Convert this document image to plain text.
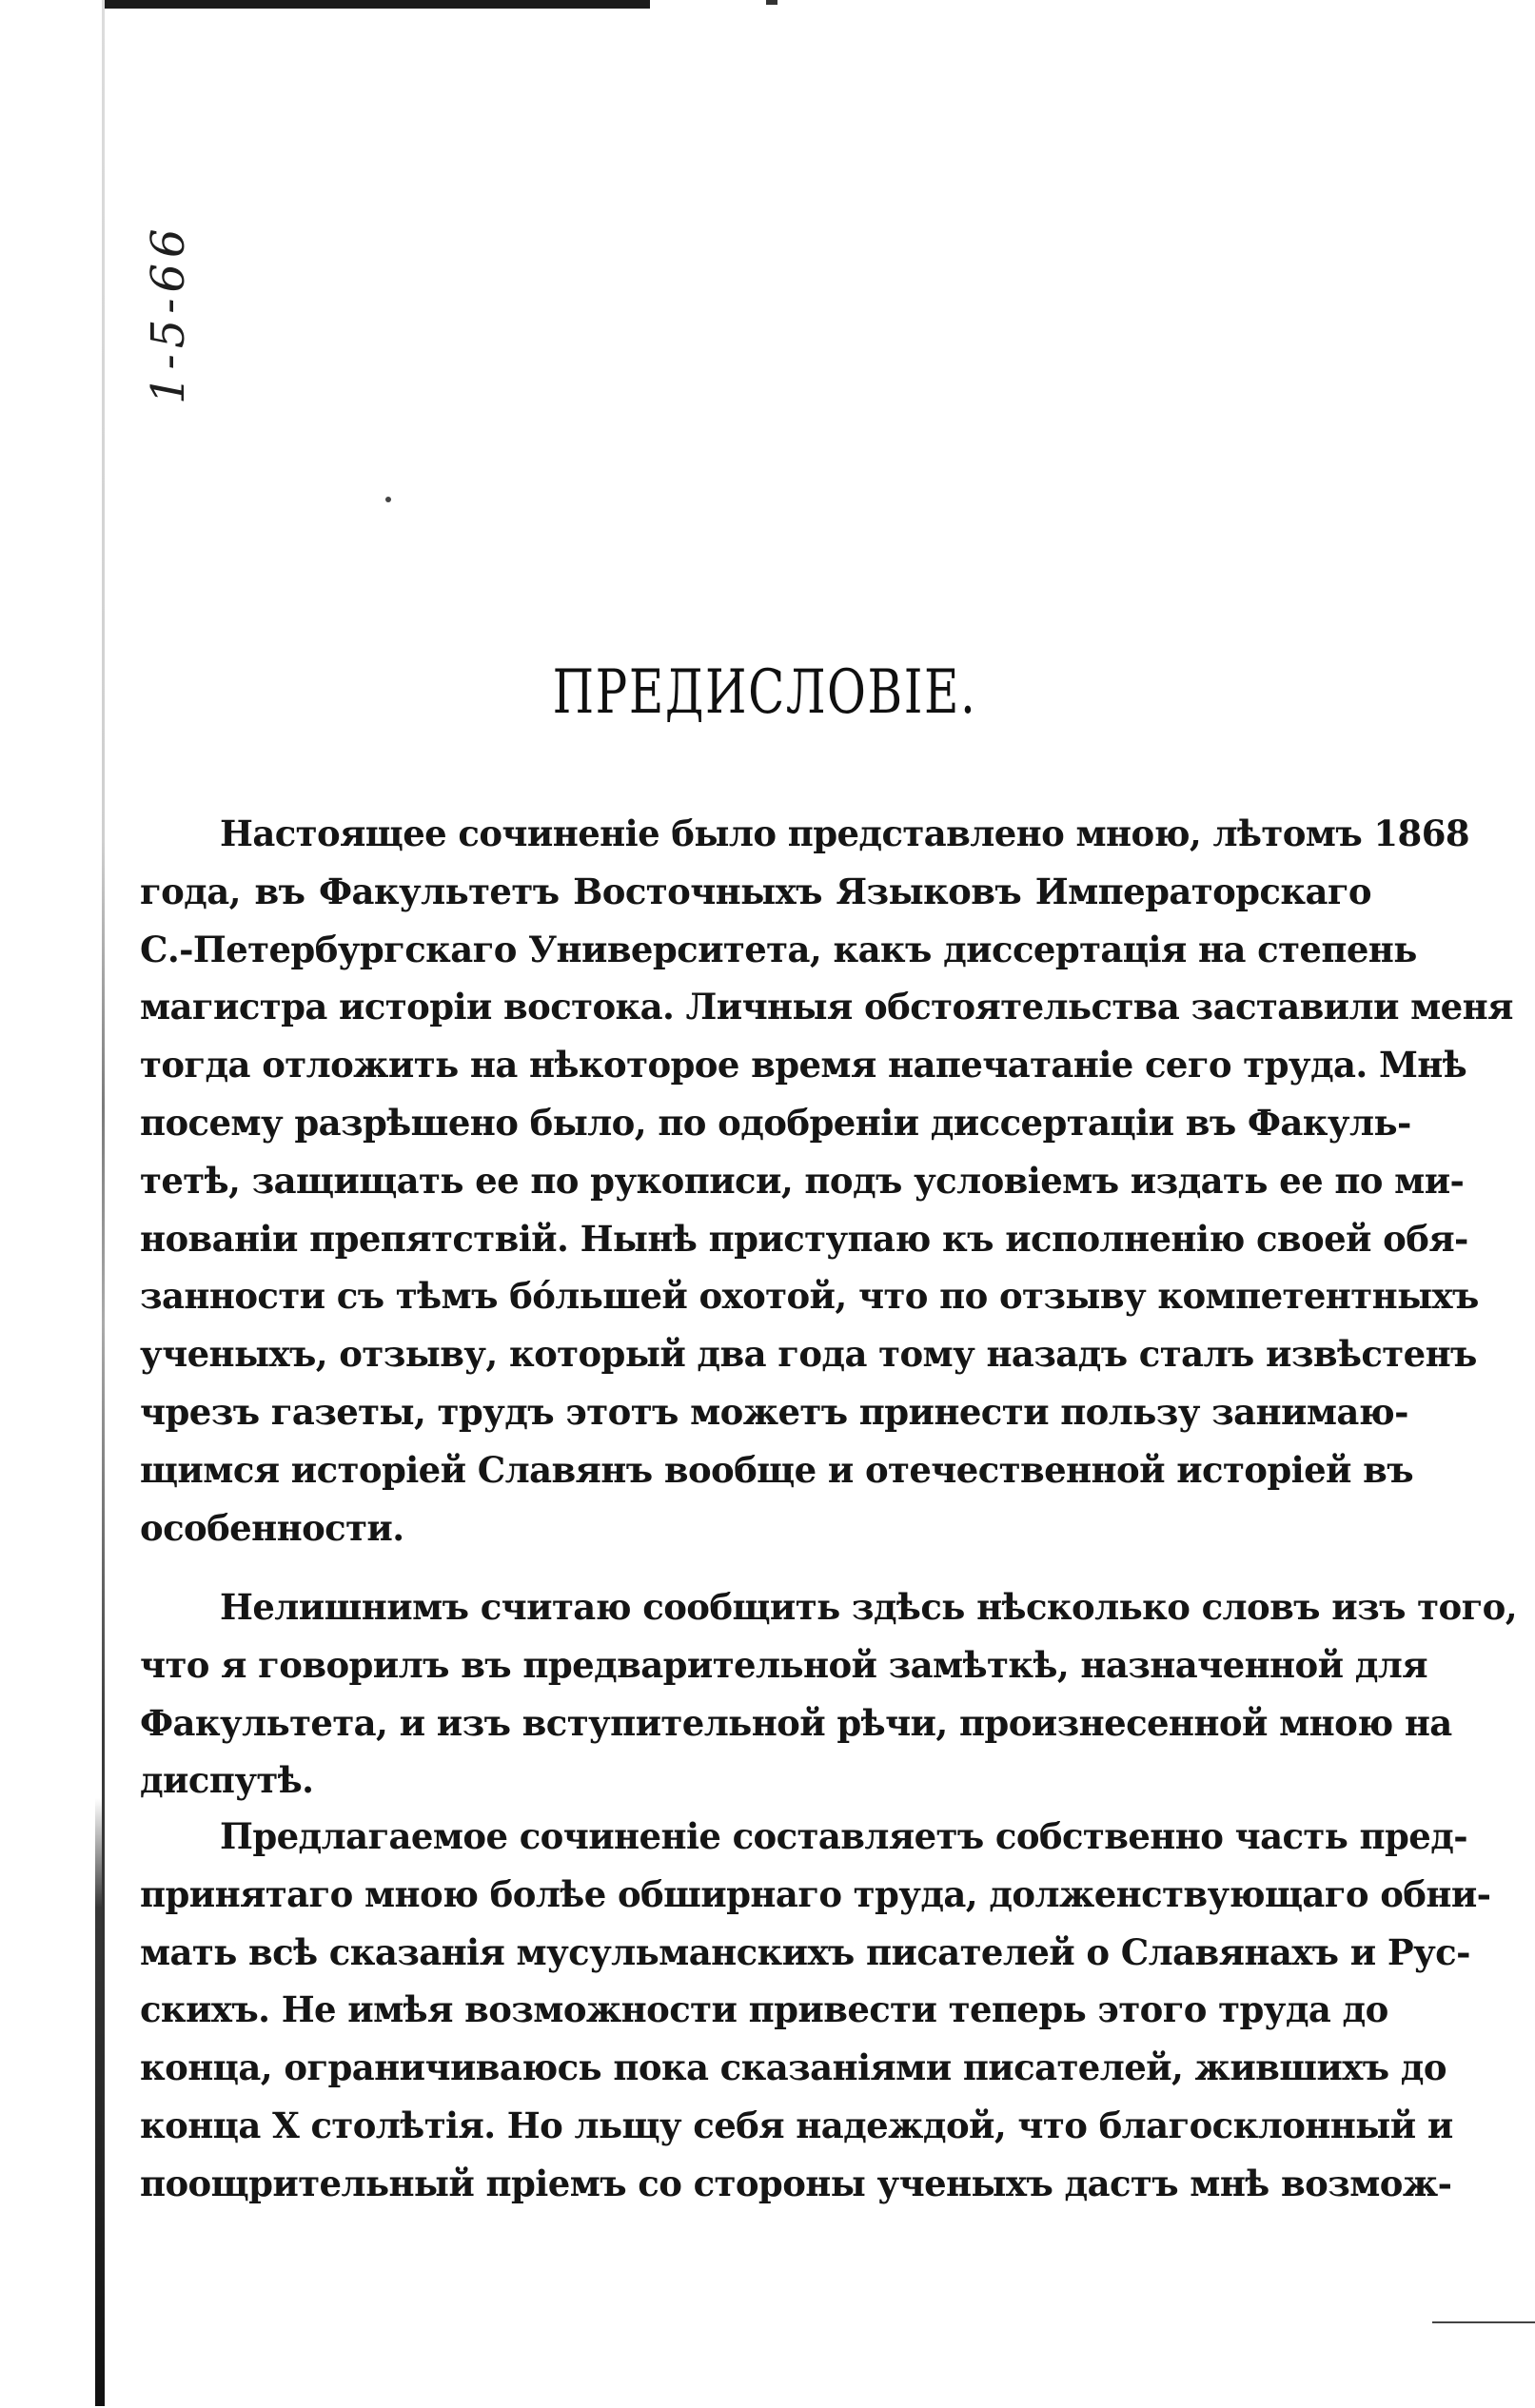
1-5-66
ПРЕДИСЛОВІЕ.
Настоящее сочиненіе было представлено мною, лѣтомъ 1868
года, въ Факультетъ Восточныхъ Языковъ Императорскаго
С.-Петербургскаго Университета, какъ диссертація на степень
магистра исторіи востока. Личныя обстоятельства заставили меня
тогда отложить на нѣкоторое время напечатаніе сего труда. Мнѣ
посему разрѣшено было, по одобреніи диссертаціи въ Факуль-
тетѣ, защищать ее по рукописи, подъ условіемъ издать ее по ми-
нованіи препятствій. Нынѣ приступаю къ исполненію своей обя-
занности съ тѣмъ бóльшей охотой, что по отзыву компетентныхъ
ученыхъ, отзыву, который два года тому назадъ сталъ извѣстенъ
чрезъ газеты, трудъ этотъ можетъ принести пользу занимаю-
щимся исторіей Славянъ вообще и отечественной исторіей въ
особенности.
Нелишнимъ считаю сообщить здѣсь нѣсколько словъ изъ того,
что я говорилъ въ предварительной замѣткѣ, назначенной для
Факультета, и изъ вступительной рѣчи, произнесенной мною на
диспутѣ.
Предлагаемое сочиненіе составляетъ собственно часть пред-
принятаго мною болѣе обширнаго труда, долженствующаго обни-
мать всѣ сказанія мусульманскихъ писателей о Славянахъ и Рус-
скихъ. Не имѣя возможности привести теперь этого труда до
конца, ограничиваюсь пока сказаніями писателей, жившихъ до
конца X столѣтія. Но льщу себя надеждой, что благосклонный и
поощрительный пріемъ со стороны ученыхъ дастъ мнѣ возмож-
